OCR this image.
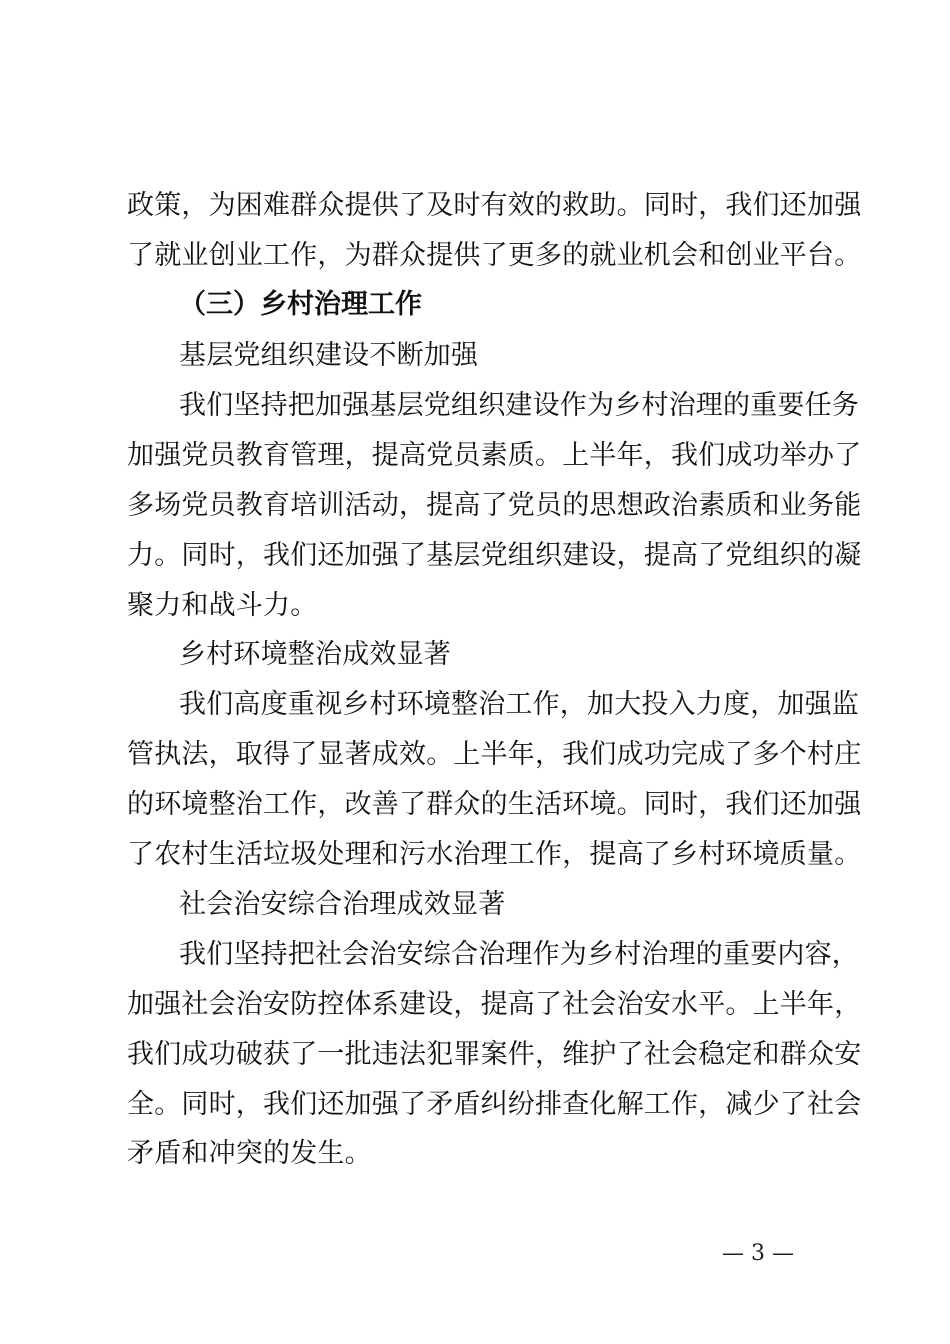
政策，为困难群众提供了及时有效的救助。同时，我们还加强
了就业创业工作，为群众提供了更多的就业机会和创业平台。
（三）乡村治理工作
基层党组织建设不断加强
我们坚持把加强基层党组织建设作为乡村治理的重要任务
加强党员教育管理，提高党员素质。上半年，我们成功举办了
多场党员教育培训活动，提高了党员的思想政治素质和业务能
力。同时，我们还加强了基层党组织建设，提高了党组织的凝
聚力和战斗力。
乡村环境整治成效显著
我们高度重视乡村环境整治工作，加大投入力度，加强监
管执法，取得了显著成效。上半年，我们成功完成了多个村庄
的环境整治工作，改善了群众的生活环境。同时，我们还加强
了农村生活垃圾处理和污水治理工作，提高了乡村环境质量。
社会治安综合治理成效显著
我们坚持把社会治安综合治理作为乡村治理的重要内容，
加强社会治安防控体系建设，提高了社会治安水平。上半年，
我们成功破获了一批违法犯罪案件，维护了社会稳定和群众安
全。同时，我们还加强了矛盾纠纷排查化解工作，减少了社会
矛盾和冲突的发生。
— 3 —
